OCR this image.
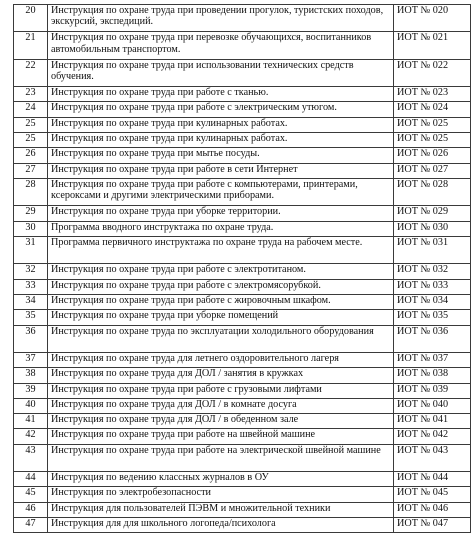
20	Инструкция по охране труда при проведении прогулок, туристских походов, экскурсий, экспедиций.	ИОТ № 020
21	Инструкция по охране труда при перевозке обучающихся, воспитанников автомобильным транспортом.	ИОТ № 021
22	Инструкция по охране труда при использовании технических средств обучения.	ИОТ № 022
23	Инструкция по охране труда при работе с тканью.	ИОТ № 023
24	Инструкция по охране труда при работе с электрическим утюгом.	ИОТ № 024
25	Инструкция по охране труда при кулинарных работах.	ИОТ № 025
25	Инструкция по охране труда при кулинарных работах.	ИОТ № 025
26	Инструкция по охране труда при мытье посуды.	ИОТ № 026
27	Инструкция по охране труда при работе в сети Интернет	ИОТ № 027
28	Инструкция по охране труда при работе с компьютерами, принтерами, ксероксами и другими электрическими приборами.	ИОТ № 028
29	Инструкция по охране труда при уборке территории.	ИОТ № 029
30	Программа вводного инструктажа по охране труда.	ИОТ № 030
31	Программа первичного инструктажа по охране труда на рабочем месте.	ИОТ № 031
32	Инструкция по охране труда при работе с электротитаном.	ИОТ № 032
33	Инструкция по охране труда при работе с электромясорубкой.	ИОТ № 033
34	Инструкция по охране труда при работе с жировочным шкафом.	ИОТ № 034
35	Инструкция по охране труда при уборке помещений	ИОТ № 035
36	Инструкция по охране труда по эксплуатации холодильного оборудования	ИОТ № 036
37	Инструкция по охране труда для летнего оздоровительного лагеря	ИОТ № 037
38	Инструкция по охране труда для ДОЛ / занятия в кружках	ИОТ № 038
39	Инструкция по охране труда при работе с грузовыми лифтами	ИОТ № 039
40	Инструкция по охране труда для ДОЛ / в комнате досуга	ИОТ № 040
41	Инструкция по охране труда для ДОЛ / в обеденном зале	ИОТ № 041
42	Инструкция по охране труда при работе на швейной машине	ИОТ № 042
43	Инструкция по охране труда при работе на электрической швейной машине	ИОТ № 043
44	Инструкция по ведению классных журналов в ОУ	ИОТ № 044
45	Инструкция по электробезопасности	ИОТ № 045
46	Инструкция для пользователей ПЭВМ и множительной техники	ИОТ № 046
47	Инструкция для для школьного логопеда/психолога	ИОТ № 047
